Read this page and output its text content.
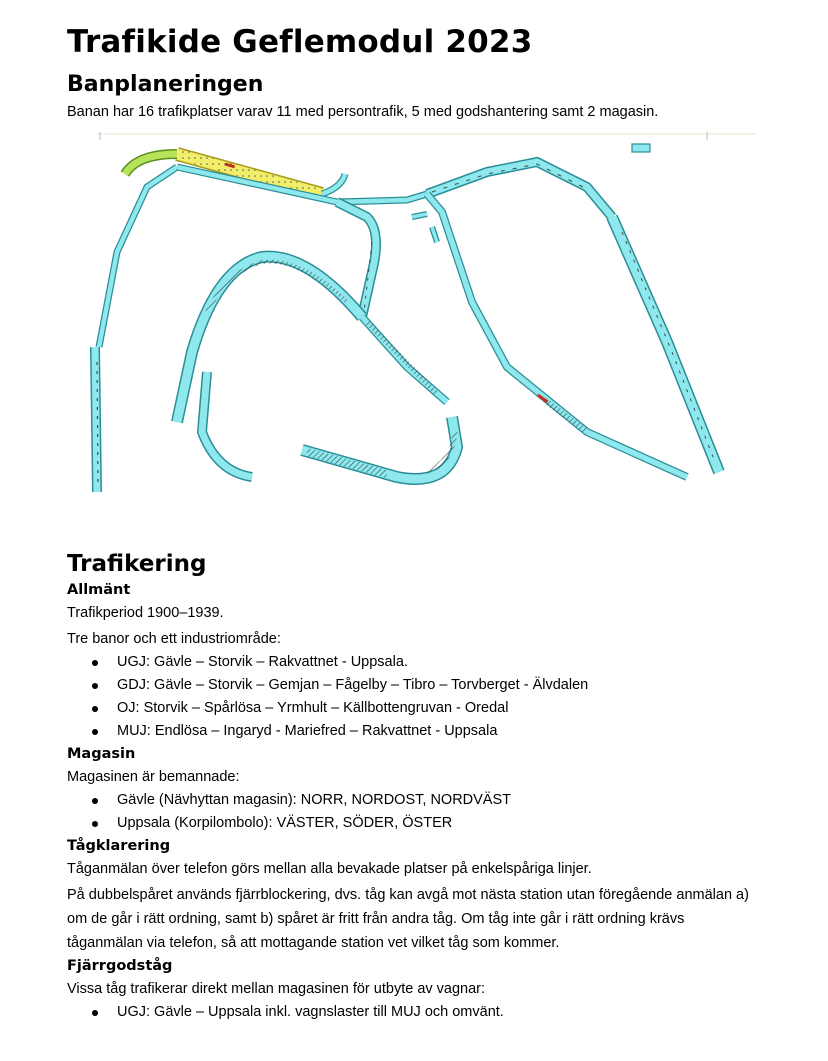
Trafikide Geflemodul 2023
Banplaneringen

Banan har 16 trafikplatser varav 11 med persontrafik, 5 med godshantering samt 2 magasin.

Trafikering
Allmänt

Trafikperiod 1900–1939.

Tre banor och ett industriområde:

UGJ: Gävle – Storvik – Rakvattnet - Uppsala.
GDJ: Gävle – Storvik – Gemjan – Fågelby – Tibro – Torvberget - Älvdalen
OJ: Storvik – Spårlösa – Yrmhult – Källbottengruvan - Oredal
MUJ: Endlösa – Ingaryd - Mariefred – Rakvattnet - Uppsala
Magasin

Magasinen är bemannade:

Gävle (Nävhyttan magasin): NORR, NORDOST, NORDVÄST
Uppsala (Korpilombolo): VÄSTER, SÖDER, ÖSTER
Tågklarering

Tåganmälan över telefon görs mellan alla bevakade platser på enkelspåriga linjer.

På dubbelspåret används fjärrblockering, dvs. tåg kan avgå mot nästa station utan föregående anmälan a) om de går i rätt ordning, samt b) spåret är fritt från andra tåg. Om tåg inte går i rätt ordning krävs tåganmälan via telefon, så att mottagande station vet vilket tåg som kommer.

Fjärrgodståg

Vissa tåg trafikerar direkt mellan magasinen för utbyte av vagnar:

UGJ: Gävle – Uppsala inkl. vagnslaster till MUJ och omvänt.
